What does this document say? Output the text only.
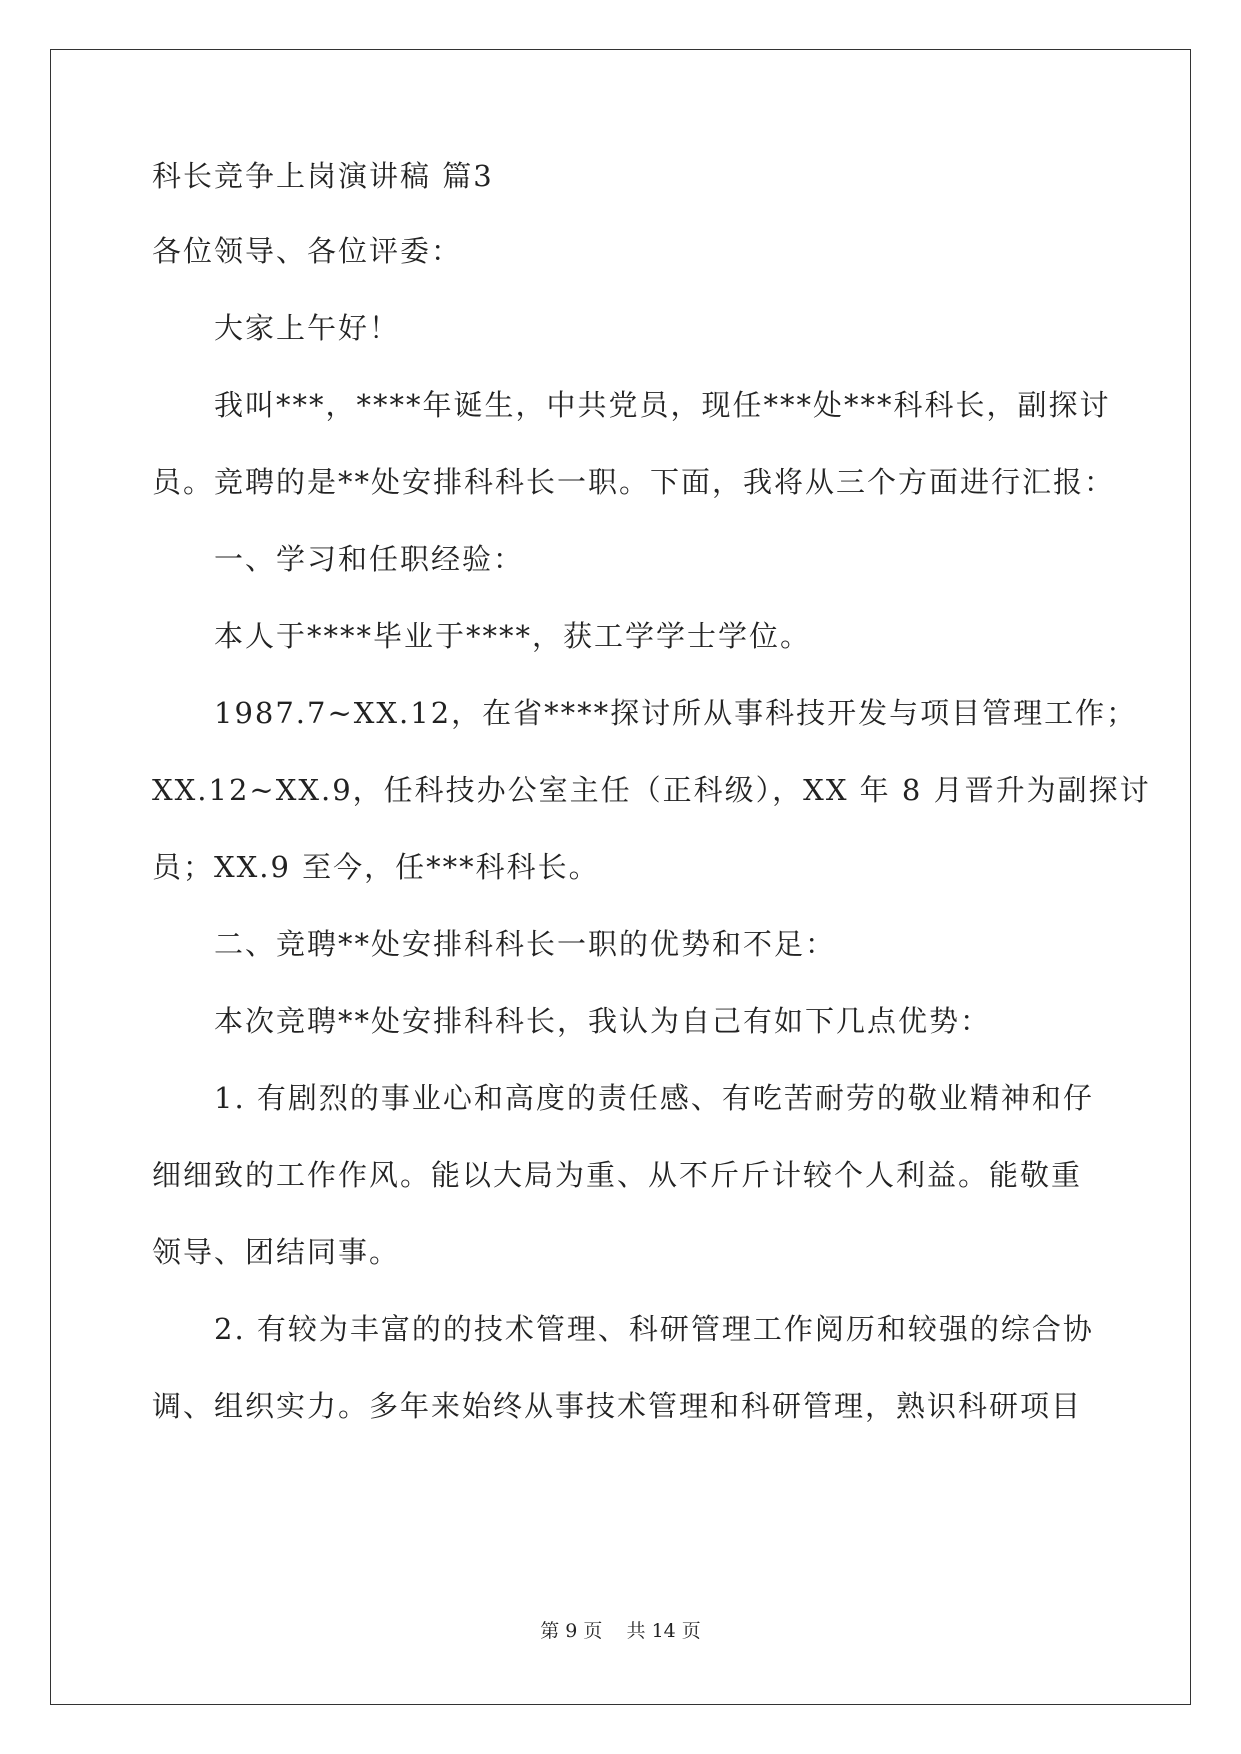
科长竞争上岗演讲稿 篇3
各位领导、各位评委：
大家上午好！
我叫***，****年诞生，中共党员，现任***处***科科长，副探讨
员。竞聘的是**处安排科科长一职。下面，我将从三个方面进行汇报：
一、学习和任职经验：
本人于****毕业于****，获工学学士学位。
1987.7~XX.12，在省****探讨所从事科技开发与项目管理工作；
XX.12~XX.9，任科技办公室主任（正科级），XX 年 8 月晋升为副探讨
员；XX.9 至今，任***科科长。
二、竞聘**处安排科科长一职的优势和不足：
本次竞聘**处安排科科长，我认为自己有如下几点优势：
1. 有剧烈的事业心和高度的责任感、有吃苦耐劳的敬业精神和仔
细细致的工作作风。能以大局为重、从不斤斤计较个人利益。能敬重
领导、团结同事。
2. 有较为丰富的的技术管理、科研管理工作阅历和较强的综合协
调、组织实力。多年来始终从事技术管理和科研管理，熟识科研项目
第 9 页 共 14 页
